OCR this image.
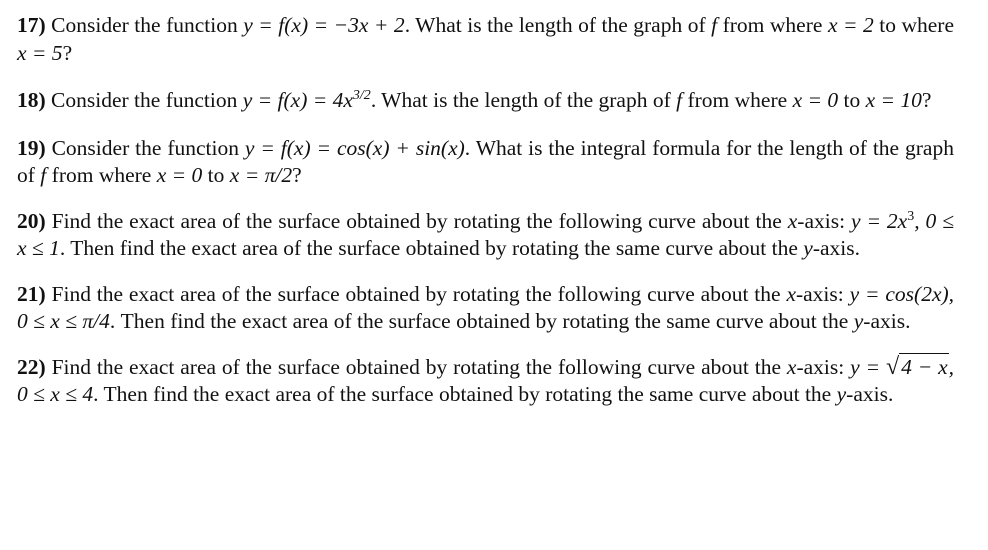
17) Consider the function y = f(x) = −3x + 2. What is the length of the graph of f from where x = 2 to where x = 5?
18) Consider the function $y = f(x) = 4x^{3/2}$. What is the length of the graph of f from where x = 0 to x = 10?
19) Consider the function y = f(x) = cos(x) + sin(x). What is the integral formula for the length of the graph of f from where x = 0 to x = π/2?
20) Find the exact area of the surface obtained by rotating the following curve about the x-axis: $y = 2x^3$, 0 ≤ x ≤ 1. Then find the exact area of the surface obtained by rotating the same curve about the y-axis.
21) Find the exact area of the surface obtained by rotating the following curve about the x-axis: y = cos(2x), 0 ≤ x ≤ π/4. Then find the exact area of the surface obtained by rotating the same curve about the y-axis.
22) Find the exact area of the surface obtained by rotating the following curve about the x-axis: y = √4 − x, 0 ≤ x ≤ 4. Then find the exact area of the surface obtained by rotating the same curve about the y-axis.
